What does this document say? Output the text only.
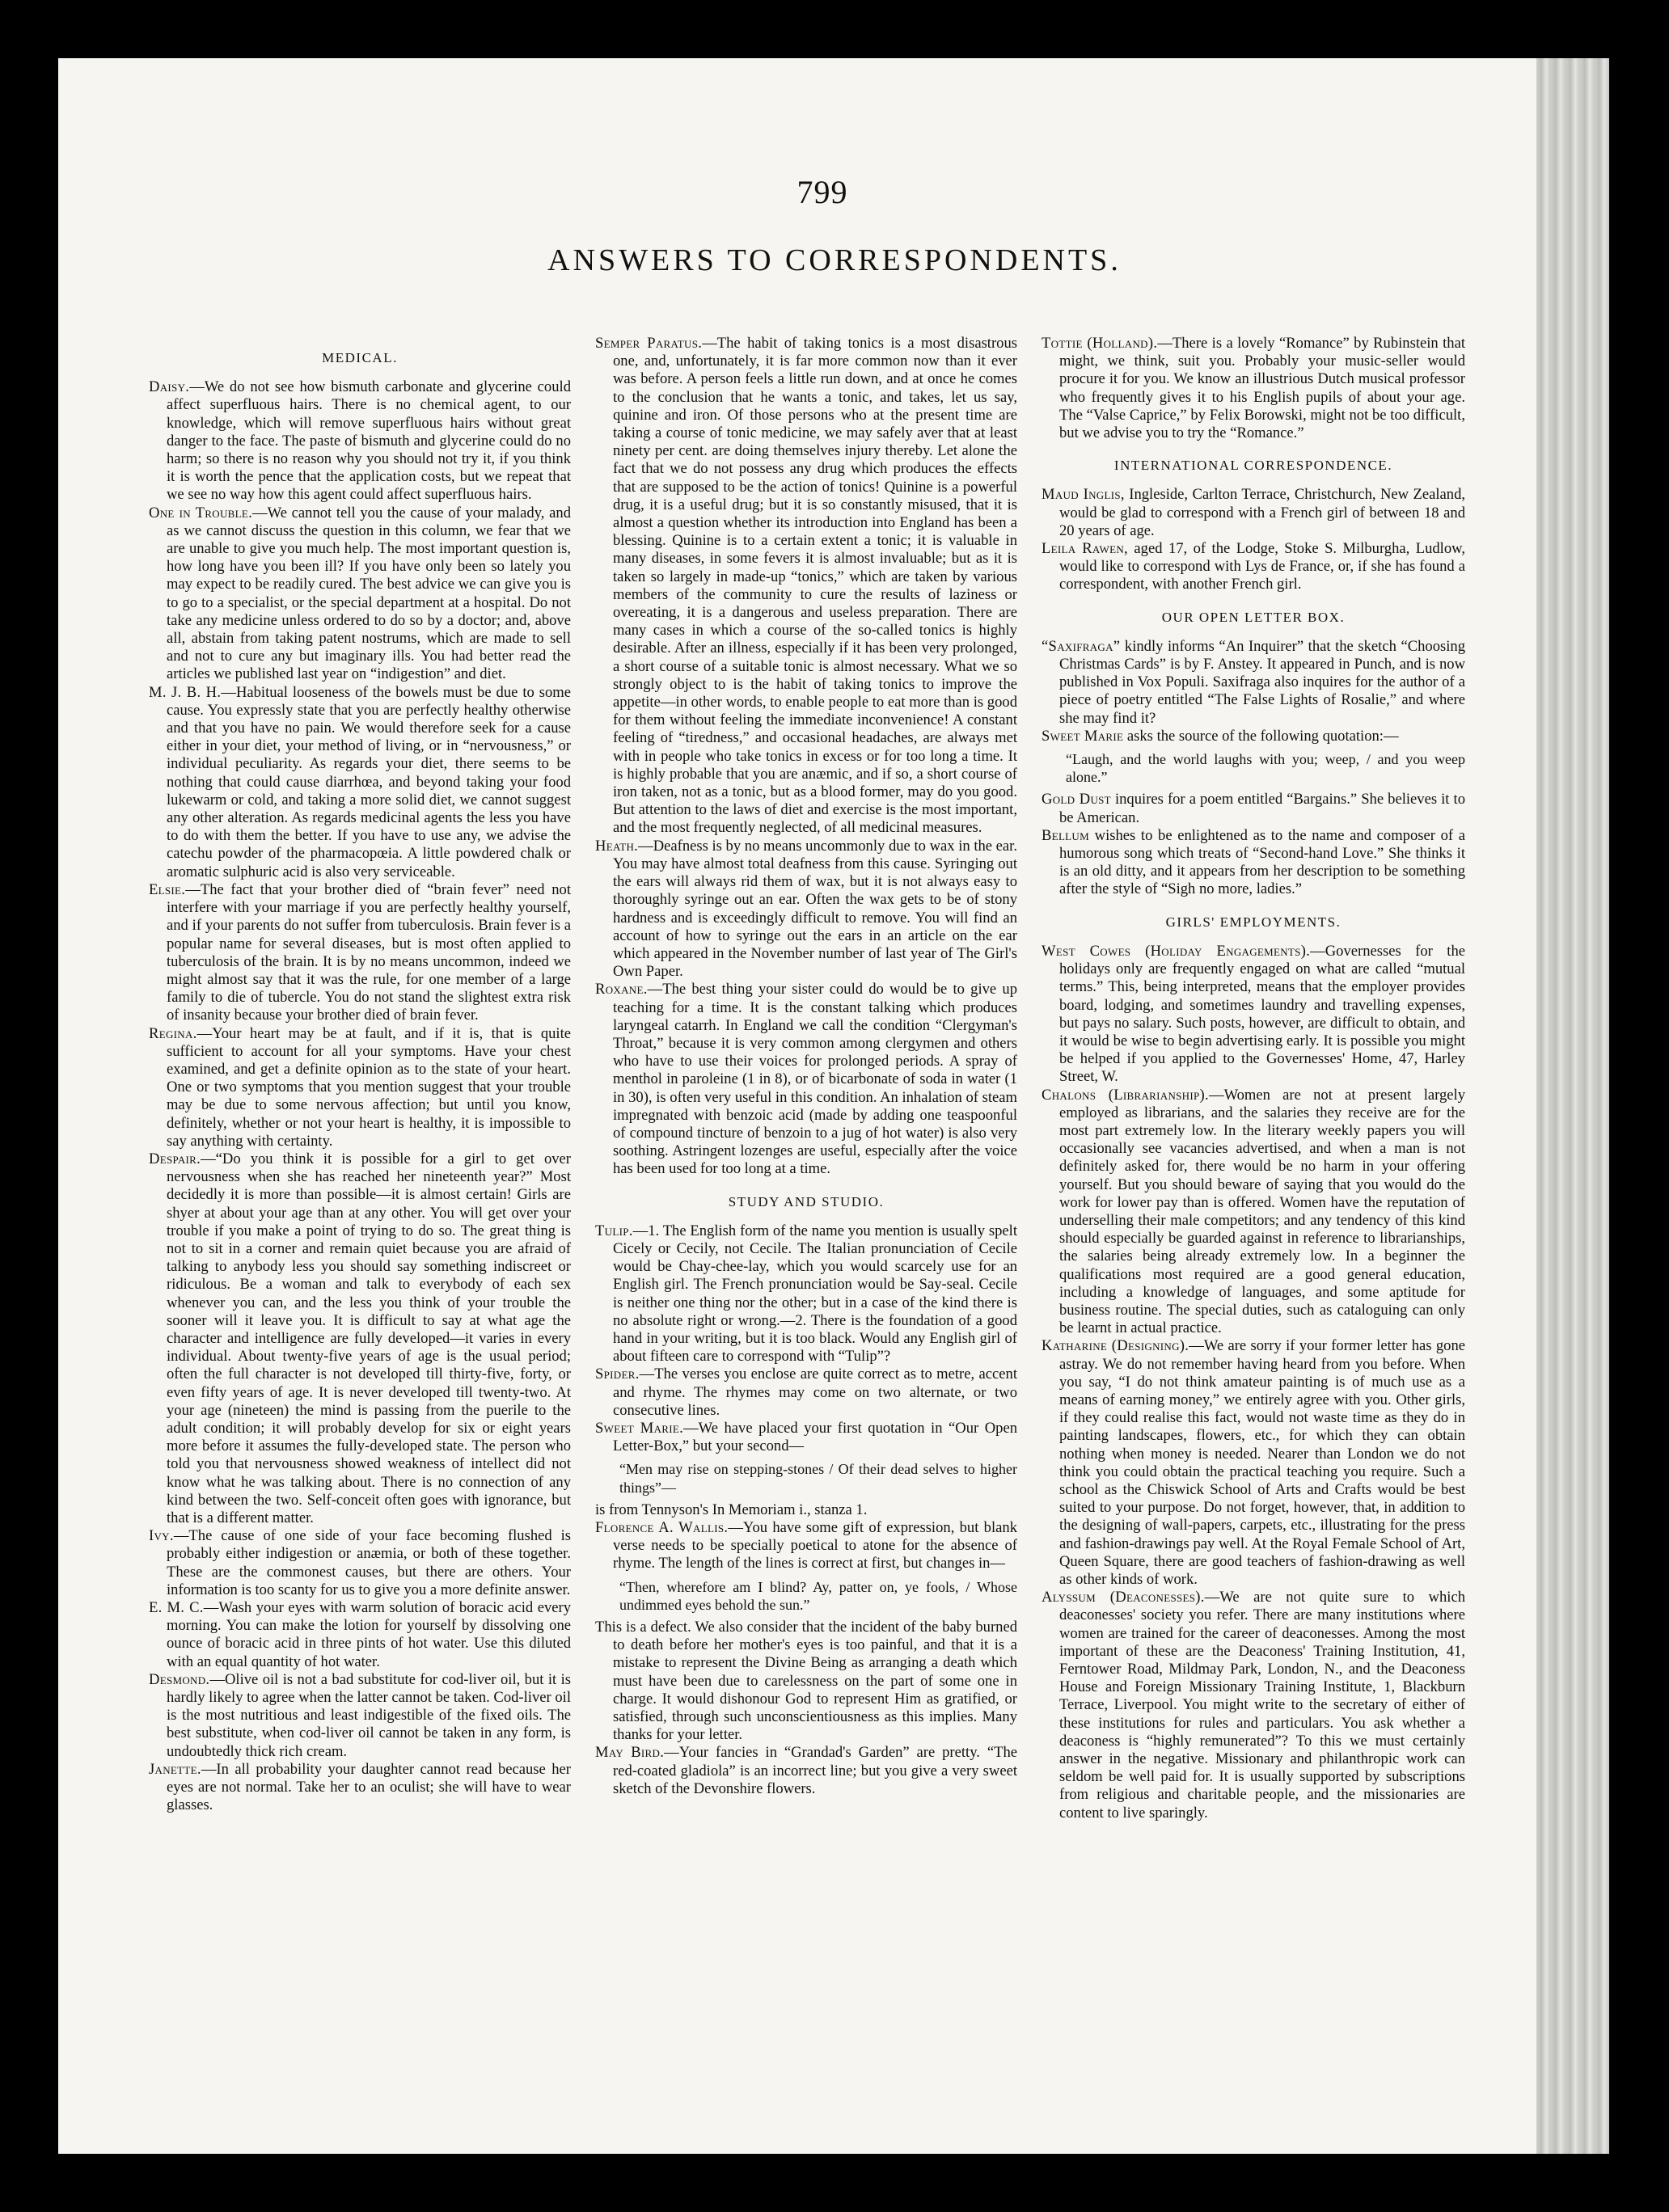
799
ANSWERS TO CORRESPONDENTS.
MEDICAL.

Daisy.—We do not see how bismuth carbonate and glycerine could affect superfluous hairs. There is no chemical agent, to our knowledge, which will remove superfluous hairs without great danger to the face. The paste of bismuth and glycerine could do no harm; so there is no reason why you should not try it, if you think it is worth the pence that the application costs, but we repeat that we see no way how this agent could affect superfluous hairs.

One in Trouble.—We cannot tell you the cause of your malady, and as we cannot discuss the question in this column, we fear that we are unable to give you much help. The most important question is, how long have you been ill? If you have only been so lately you may expect to be readily cured. The best advice we can give you is to go to a specialist, or the special department at a hospital. Do not take any medicine unless ordered to do so by a doctor; and, above all, abstain from taking patent nostrums, which are made to sell and not to cure any but imaginary ills. You had better read the articles we published last year on “indigestion” and diet.

M. J. B. H.—Habitual looseness of the bowels must be due to some cause. You expressly state that you are perfectly healthy otherwise and that you have no pain. We would therefore seek for a cause either in your diet, your method of living, or in “nervousness,” or individual peculiarity. As regards your diet, there seems to be nothing that could cause diarrhœa, and beyond taking your food lukewarm or cold, and taking a more solid diet, we cannot suggest any other alteration. As regards medicinal agents the less you have to do with them the better. If you have to use any, we advise the catechu powder of the pharmacopœia. A little powdered chalk or aromatic sulphuric acid is also very serviceable.

Elsie.—The fact that your brother died of “brain fever” need not interfere with your marriage if you are perfectly healthy yourself, and if your parents do not suffer from tuberculosis. Brain fever is a popular name for several diseases, but is most often applied to tuberculosis of the brain. It is by no means uncommon, indeed we might almost say that it was the rule, for one member of a large family to die of tubercle. You do not stand the slightest extra risk of insanity because your brother died of brain fever.

Regina.—Your heart may be at fault, and if it is, that is quite sufficient to account for all your symptoms. Have your chest examined, and get a definite opinion as to the state of your heart. One or two symptoms that you mention suggest that your trouble may be due to some nervous affection; but until you know, definitely, whether or not your heart is healthy, it is impossible to say anything with certainty.

Despair.—“Do you think it is possible for a girl to get over nervousness when she has reached her nineteenth year?” Most decidedly it is more than possible—it is almost certain! Girls are shyer at about your age than at any other. You will get over your trouble if you make a point of trying to do so. The great thing is not to sit in a corner and remain quiet because you are afraid of talking to anybody less you should say something indiscreet or ridiculous. Be a woman and talk to everybody of each sex whenever you can, and the less you think of your trouble the sooner will it leave you. It is difficult to say at what age the character and intelligence are fully developed—it varies in every individual. About twenty-five years of age is the usual period; often the full character is not developed till thirty-five, forty, or even fifty years of age. It is never developed till twenty-two. At your age (nineteen) the mind is passing from the puerile to the adult condition; it will probably develop for six or eight years more before it assumes the fully-developed state. The person who told you that nervousness showed weakness of intellect did not know what he was talking about. There is no connection of any kind between the two. Self-conceit often goes with ignorance, but that is a different matter.

Ivy.—The cause of one side of your face becoming flushed is probably either indigestion or anæmia, or both of these together. These are the commonest causes, but there are others. Your information is too scanty for us to give you a more definite answer.

E. M. C.—Wash your eyes with warm solution of boracic acid every morning. You can make the lotion for yourself by dissolving one ounce of boracic acid in three pints of hot water. Use this diluted with an equal quantity of hot water.

Desmond.—Olive oil is not a bad substitute for cod-liver oil, but it is hardly likely to agree when the latter cannot be taken. Cod-liver oil is the most nutritious and least indigestible of the fixed oils. The best substitute, when cod-liver oil cannot be taken in any form, is undoubtedly thick rich cream.

Janette.—In all probability your daughter cannot read because her eyes are not normal. Take her to an oculist; she will have to wear glasses.

Semper Paratus.—The habit of taking tonics is a most disastrous one, and, unfortunately, it is far more common now than it ever was before. A person feels a little run down, and at once he comes to the conclusion that he wants a tonic, and takes, let us say, quinine and iron. Of those persons who at the present time are taking a course of tonic medicine, we may safely aver that at least ninety per cent. are doing themselves injury thereby. Let alone the fact that we do not possess any drug which produces the effects that are supposed to be the action of tonics! Quinine is a powerful drug, it is a useful drug; but it is so constantly misused, that it is almost a question whether its introduction into England has been a blessing. Quinine is to a certain extent a tonic; it is valuable in many diseases, in some fevers it is almost invaluable; but as it is taken so largely in made-up “tonics,” which are taken by various members of the community to cure the results of laziness or overeating, it is a dangerous and useless preparation. There are many cases in which a course of the so-called tonics is highly desirable. After an illness, especially if it has been very prolonged, a short course of a suitable tonic is almost necessary. What we so strongly object to is the habit of taking tonics to improve the appetite—in other words, to enable people to eat more than is good for them without feeling the immediate inconvenience! A constant feeling of “tiredness,” and occasional headaches, are always met with in people who take tonics in excess or for too long a time. It is highly probable that you are anæmic, and if so, a short course of iron taken, not as a tonic, but as a blood former, may do you good. But attention to the laws of diet and exercise is the most important, and the most frequently neglected, of all medicinal measures.

Heath.—Deafness is by no means uncommonly due to wax in the ear. You may have almost total deafness from this cause. Syringing out the ears will always rid them of wax, but it is not always easy to thoroughly syringe out an ear. Often the wax gets to be of stony hardness and is exceedingly difficult to remove. You will find an account of how to syringe out the ears in an article on the ear which appeared in the November number of last year of The Girl's Own Paper.

Roxane.—The best thing your sister could do would be to give up teaching for a time. It is the constant talking which produces laryngeal catarrh. In England we call the condition “Clergyman's Throat,” because it is very common among clergymen and others who have to use their voices for prolonged periods. A spray of menthol in paroleine (1 in 8), or of bicarbonate of soda in water (1 in 30), is often very useful in this condition. An inhalation of steam impregnated with benzoic acid (made by adding one teaspoonful of compound tincture of benzoin to a jug of hot water) is also very soothing. Astringent lozenges are useful, especially after the voice has been used for too long at a time.

STUDY AND STUDIO.

Tulip.—1. The English form of the name you mention is usually spelt Cicely or Cecily, not Cecile. The Italian pronunciation of Cecile would be Chay-chee-lay, which you would scarcely use for an English girl. The French pronunciation would be Say-seal. Cecile is neither one thing nor the other; but in a case of the kind there is no absolute right or wrong.—2. There is the foundation of a good hand in your writing, but it is too black. Would any English girl of about fifteen care to correspond with “Tulip”?

Spider.—The verses you enclose are quite correct as to metre, accent and rhyme. The rhymes may come on two alternate, or two consecutive lines.

Sweet Marie.—We have placed your first quotation in “Our Open Letter-Box,” but your second—

“Men may rise on stepping-stones / Of their dead selves to higher things”—

is from Tennyson's In Memoriam i., stanza 1.

Florence A. Wallis.—You have some gift of expression, but blank verse needs to be specially poetical to atone for the absence of rhyme. The length of the lines is correct at first, but changes in—

“Then, wherefore am I blind? Ay, patter on, ye fools, / Whose undimmed eyes behold the sun.”

This is a defect. We also consider that the incident of the baby burned to death before her mother's eyes is too painful, and that it is a mistake to represent the Divine Being as arranging a death which must have been due to carelessness on the part of some one in charge. It would dishonour God to represent Him as gratified, or satisfied, through such unconscientiousness as this implies. Many thanks for your letter.

May Bird.—Your fancies in “Grandad's Garden” are pretty. “The red-coated gladiola” is an incorrect line; but you give a very sweet sketch of the Devonshire flowers.

Tottie (Holland).—There is a lovely “Romance” by Rubinstein that might, we think, suit you. Probably your music-seller would procure it for you. We know an illustrious Dutch musical professor who frequently gives it to his English pupils of about your age. The “Valse Caprice,” by Felix Borowski, might not be too difficult, but we advise you to try the “Romance.”

INTERNATIONAL CORRESPONDENCE.

Maud Inglis, Ingleside, Carlton Terrace, Christchurch, New Zealand, would be glad to correspond with a French girl of between 18 and 20 years of age.

Leila Rawen, aged 17, of the Lodge, Stoke S. Milburgha, Ludlow, would like to correspond with Lys de France, or, if she has found a correspondent, with another French girl.

OUR OPEN LETTER BOX.

“Saxifraga” kindly informs “An Inquirer” that the sketch “Choosing Christmas Cards” is by F. Anstey. It appeared in Punch, and is now published in Vox Populi. Saxifraga also inquires for the author of a piece of poetry entitled “The False Lights of Rosalie,” and where she may find it?

Sweet Marie asks the source of the following quotation:—

“Laugh, and the world laughs with you; weep, / and you weep alone.”

Gold Dust inquires for a poem entitled “Bargains.” She believes it to be American.

Bellum wishes to be enlightened as to the name and composer of a humorous song which treats of “Second-hand Love.” She thinks it is an old ditty, and it appears from her description to be something after the style of “Sigh no more, ladies.”

GIRLS' EMPLOYMENTS.

West Cowes (Holiday Engagements).—Governesses for the holidays only are frequently engaged on what are called “mutual terms.” This, being interpreted, means that the employer provides board, lodging, and sometimes laundry and travelling expenses, but pays no salary. Such posts, however, are difficult to obtain, and it would be wise to begin advertising early. It is possible you might be helped if you applied to the Governesses' Home, 47, Harley Street, W.

Chalons (Librarianship).—Women are not at present largely employed as librarians, and the salaries they receive are for the most part extremely low. In the literary weekly papers you will occasionally see vacancies advertised, and when a man is not definitely asked for, there would be no harm in your offering yourself. But you should beware of saying that you would do the work for lower pay than is offered. Women have the reputation of underselling their male competitors; and any tendency of this kind should especially be guarded against in reference to librarianships, the salaries being already extremely low. In a beginner the qualifications most required are a good general education, including a knowledge of languages, and some aptitude for business routine. The special duties, such as cataloguing can only be learnt in actual practice.

Katharine (Designing).—We are sorry if your former letter has gone astray. We do not remember having heard from you before. When you say, “I do not think amateur painting is of much use as a means of earning money,” we entirely agree with you. Other girls, if they could realise this fact, would not waste time as they do in painting landscapes, flowers, etc., for which they can obtain nothing when money is needed. Nearer than London we do not think you could obtain the practical teaching you require. Such a school as the Chiswick School of Arts and Crafts would be best suited to your purpose. Do not forget, however, that, in addition to the designing of wall-papers, carpets, etc., illustrating for the press and fashion-drawings pay well. At the Royal Female School of Art, Queen Square, there are good teachers of fashion-drawing as well as other kinds of work.

Alyssum (Deaconesses).—We are not quite sure to which deaconesses' society you refer. There are many institutions where women are trained for the career of deaconesses. Among the most important of these are the Deaconess' Training Institution, 41, Ferntower Road, Mildmay Park, London, N., and the Deaconess House and Foreign Missionary Training Institute, 1, Blackburn Terrace, Liverpool. You might write to the secretary of either of these institutions for rules and particulars. You ask whether a deaconess is “highly remunerated”? To this we must certainly answer in the negative. Missionary and philanthropic work can seldom be well paid for. It is usually supported by subscriptions from religious and charitable people, and the missionaries are content to live sparingly.
